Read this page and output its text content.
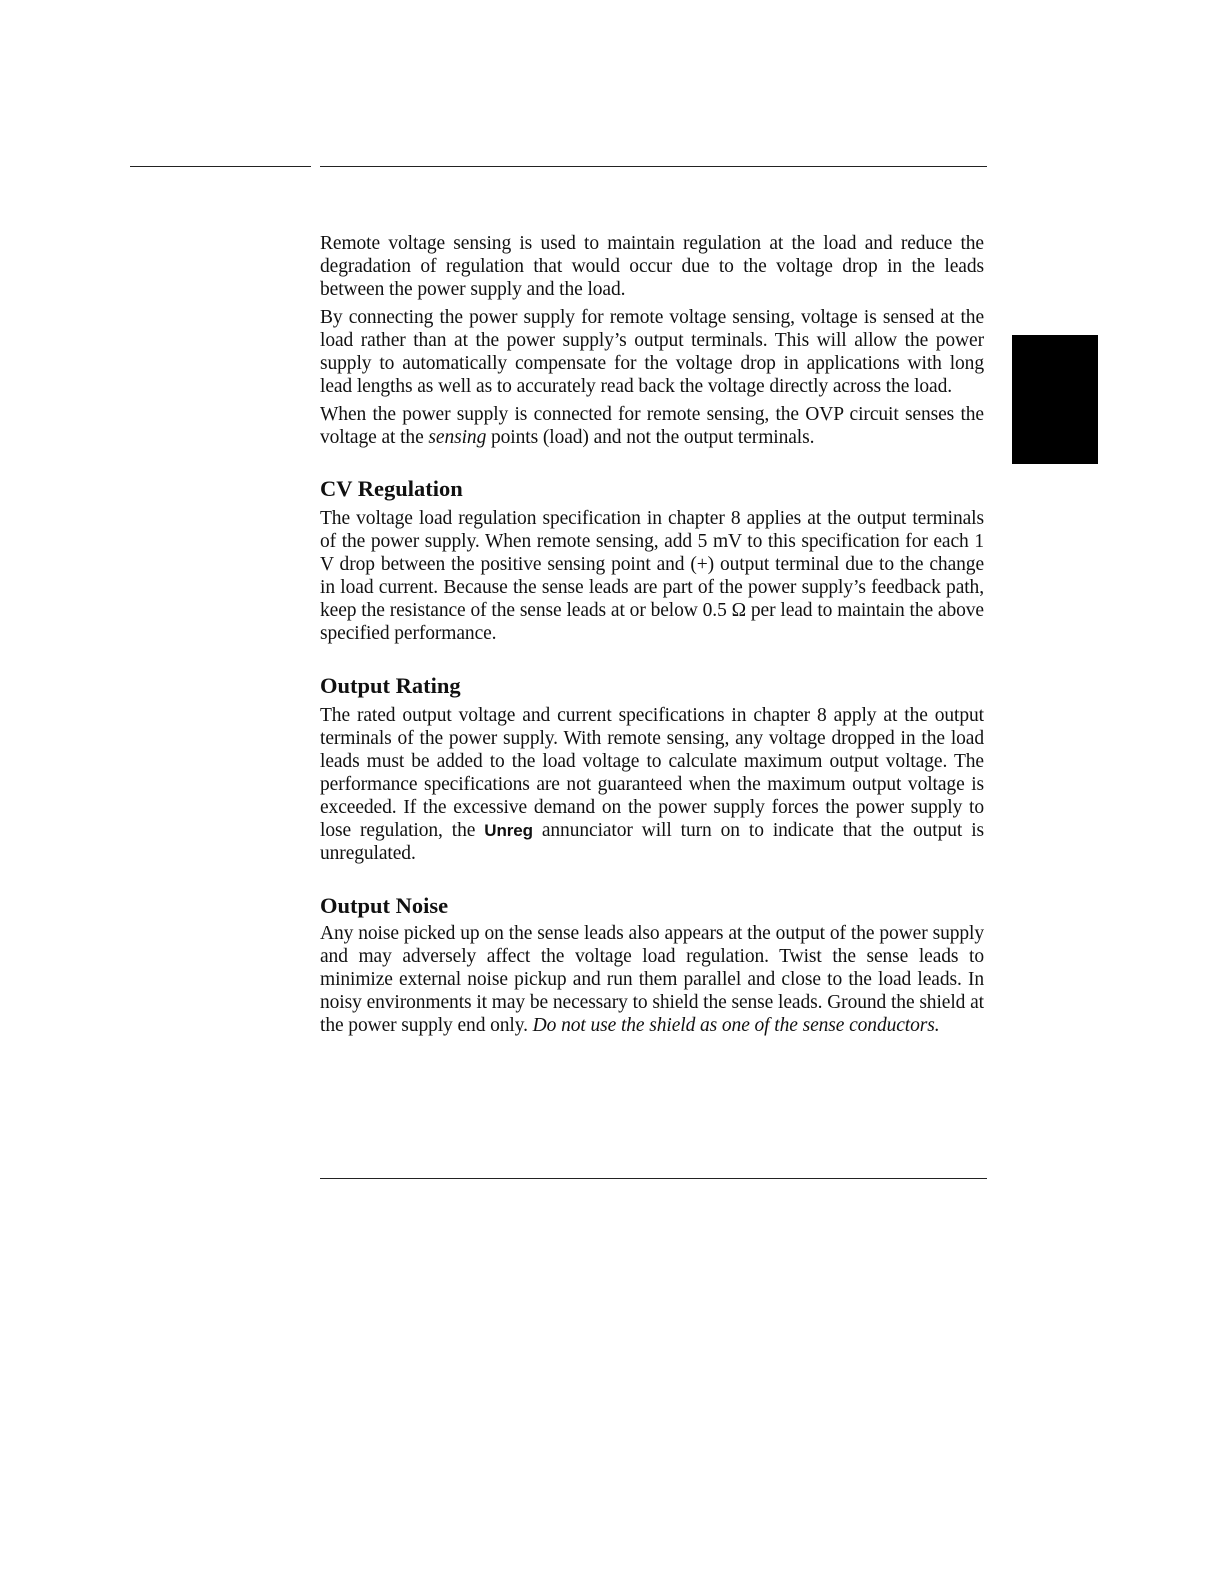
Remote voltage sensing is used to maintain regulation at the load and reduce the degradation of regulation that would occur due to the voltage drop in the leads between the power supply and the load.

By connecting the power supply for remote voltage sensing, voltage is sensed at the load rather than at the power supply’s output terminals. This will allow the power supply to automatically compensate for the voltage drop in applications with long lead lengths as well as to accurately read back the voltage directly across the load.

When the power supply is connected for remote sensing, the OVP circuit senses the voltage at the sensing points (load) and not the output terminals.

CV Regulation

The voltage load regulation specification in chapter 8 applies at the output terminals of the power supply. When remote sensing, add 5 mV to this specification for each 1 V drop between the positive sensing point and (+) output terminal due to the change in load current. Because the sense leads are part of the power supply’s feedback path, keep the resistance of the sense leads at or below 0.5 Ω per lead to maintain the above specified performance.

Output Rating

The rated output voltage and current specifications in chapter 8 apply at the output terminals of the power supply. With remote sensing, any voltage dropped in the load leads must be added to the load voltage to calculate maximum output voltage. The performance specifications are not guaranteed when the maximum output voltage is exceeded. If the excessive demand on the power supply forces the power supply to lose regulation, the Unreg annunciator will turn on to indicate that the output is unregulated.

Output Noise

Any noise picked up on the sense leads also appears at the output of the power supply and may adversely affect the voltage load regulation. Twist the sense leads to minimize external noise pickup and run them parallel and close to the load leads. In noisy environments it may be necessary to shield the sense leads. Ground the shield at the power supply end only. Do not use the shield as one of the sense conductors.
